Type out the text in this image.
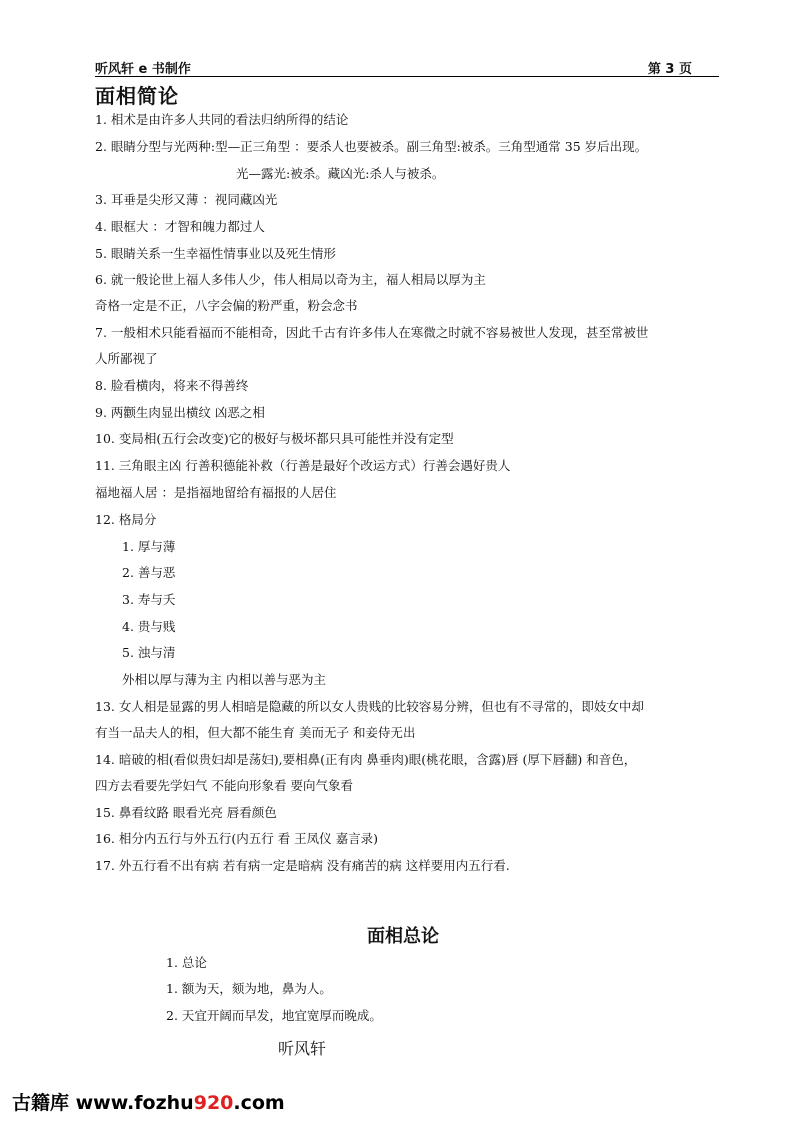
听风轩 e 书制作	第 3 页
面相简论
1. 相术是由许多人共同的看法归纳所得的结论
2. 眼睛分型与光两种:型—正三角型 ：要杀人也要被杀。副三角型:被杀。三角型通常 35 岁后出现。
光—露光:被杀。藏凶光:杀人与被杀。
3. 耳垂是尖形又薄 ：视同藏凶光
4. 眼框大 ：才智和魄力都过人
5. 眼睛关系一生幸福性情事业以及死生情形
6. 就一般论世上福人多伟人少，伟人相局以奇为主，福人相局以厚为主
奇格一定是不正，八字会偏的粉严重，粉会念书
7. 一般相术只能看福而不能相奇，因此千古有许多伟人在寒微之时就不容易被世人发现，甚至常被世
人所鄙视了
8. 脸看横肉，将来不得善终
9. 两颧生肉显出横纹 凶恶之相
10. 变局相(五行会改变)它的极好与极坏都只具可能性并没有定型
11. 三角眼主凶 行善积德能补救（行善是最好个改运方式）行善会遇好贵人
福地福人居 ：是指福地留给有福报的人居住
12. 格局分
1. 厚与薄
2. 善与恶
3. 寿与夭
4. 贵与贱
5. 浊与清
外相以厚与薄为主 内相以善与恶为主
13. 女人相是显露的男人相暗是隐藏的所以女人贵贱的比较容易分辨，但也有不寻常的，即妓女中却
有当一品夫人的相，但大都不能生育 美而无子 和妾侍无出
14. 暗破的相(看似贵妇却是荡妇),要相鼻(正有肉 鼻垂肉)眼(桃花眼，含露)唇 (厚下唇翻) 和音色，
四方去看要先学妇气 不能向形象看 要向气象看
15. 鼻看纹路 眼看光亮 唇看颜色
16. 相分内五行与外五行(内五行 看 王凤仪 嘉言录)
17. 外五行看不出有病 若有病一定是暗病 没有痛苦的病 这样要用内五行看.
面相总论
1. 总论
1. 额为天，颏为地，鼻为人。
2. 天宜开阔而早发，地宜宽厚而晚成。
听风轩
古籍库 www.fozhu920.com
